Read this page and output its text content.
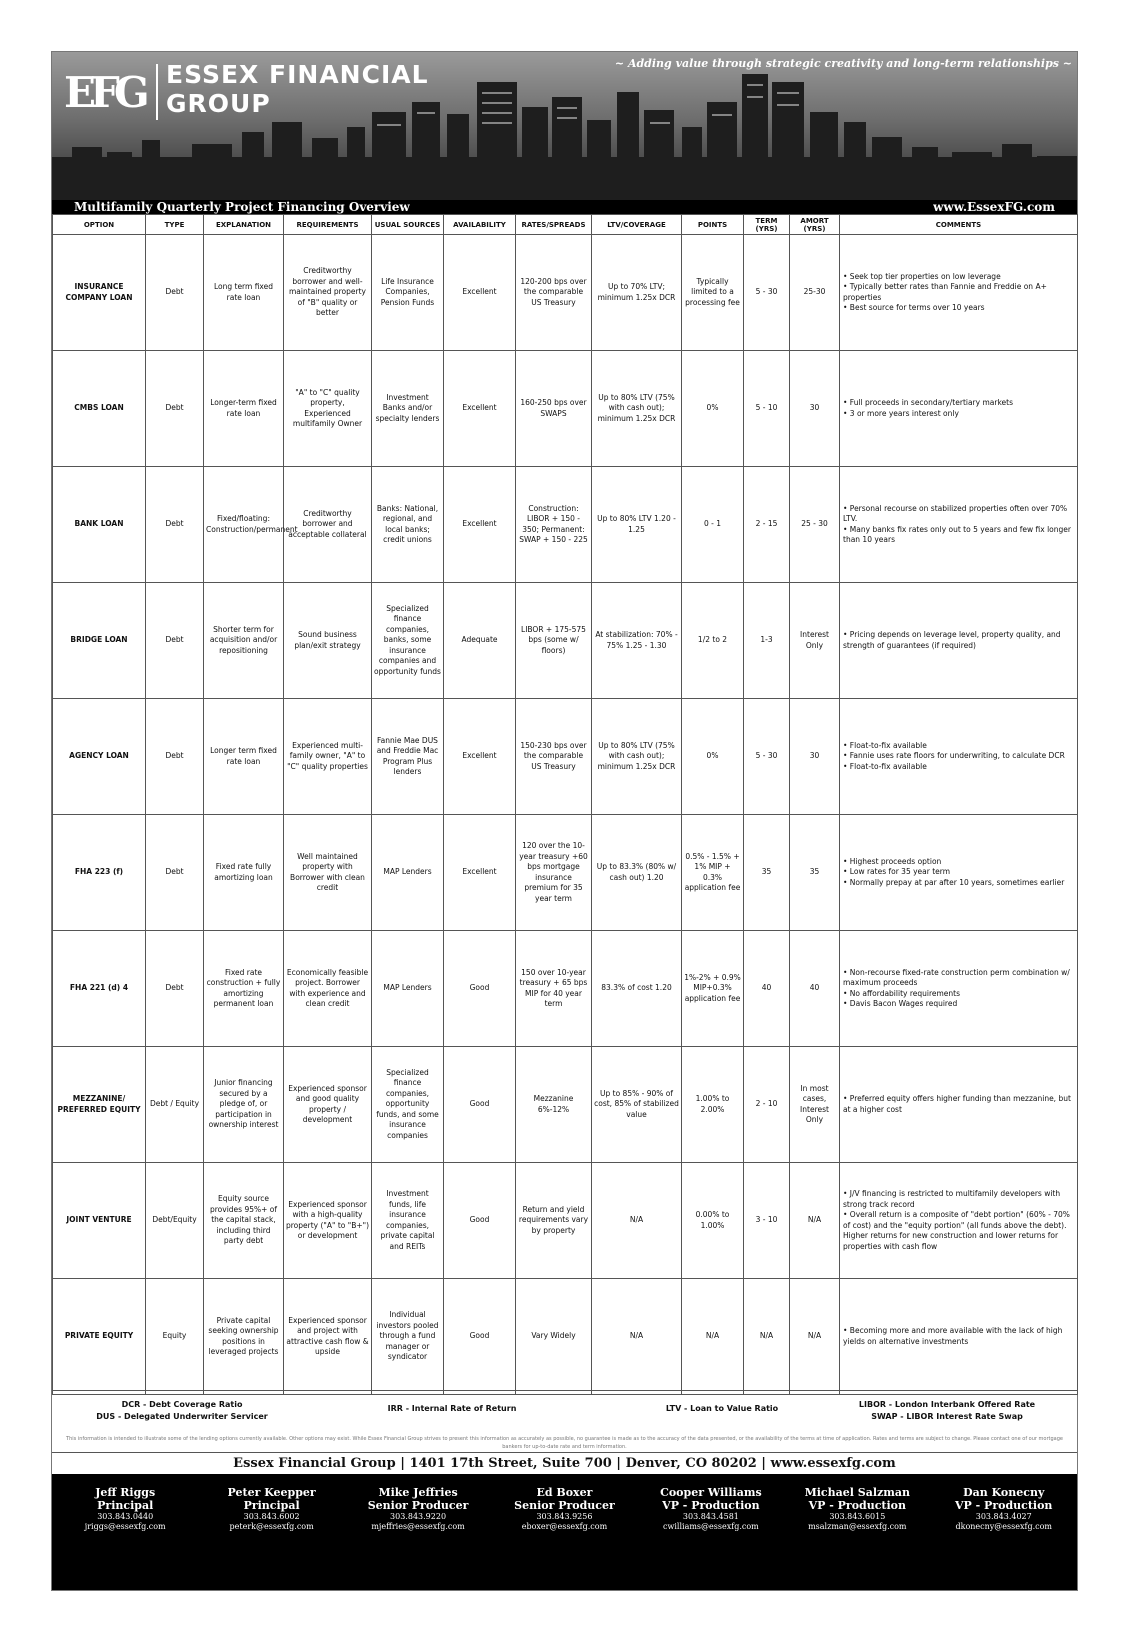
EFG ESSEX FINANCIAL
GROUP
~ Adding value through strategic creativity and long-term relationships ~
Multifamily Quarterly Project Financing Overview	www.EssexFG.com
OPTION	TYPE	EXPLANATION	REQUIREMENTS	USUAL SOURCES	AVAILABILITY	RATES/SPREADS	LTV/COVERAGE	POINTS	TERM (YRS)	AMORT (YRS)	COMMENTS
INSURANCE COMPANY LOAN	Debt	Long term fixed rate loan	Creditworthy borrower and well-maintained property of "B" quality or better	Life Insurance Companies, Pension Funds	Excellent	120-200 bps over the comparable US Treasury	Up to 70% LTV; minimum 1.25x DCR	Typically limited to a processing fee	5 - 30	25-30	• Seek top tier properties on low leverage
• Typically better rates than Fannie and Freddie on A+ properties
• Best source for terms over 10 years

CMBS LOAN	Debt	Longer-term fixed rate loan	"A" to "C" quality property, Experienced multifamily Owner	Investment Banks and/or specialty lenders	Excellent	160-250 bps over SWAPS	Up to 80% LTV (75% with cash out); minimum 1.25x DCR	0%	5 - 10	30	• Full proceeds in secondary/tertiary markets
• 3 or more years interest only

BANK LOAN	Debt	Fixed/floating: Construction/permanent	Creditworthy borrower and acceptable collateral	Banks: National, regional, and local banks; credit unions	Excellent	Construction: LIBOR + 150 - 350; Permanent: SWAP + 150 - 225	Up to 80% LTV 1.20 - 1.25	0 - 1	2 - 15	25 - 30	• Personal recourse on stabilized properties often over 70% LTV.
• Many banks fix rates only out to 5 years and few fix longer than 10 years

BRIDGE LOAN	Debt	Shorter term for acquisition and/or repositioning	Sound business plan/exit strategy	Specialized finance companies, banks, some insurance companies and opportunity funds	Adequate	LIBOR + 175-575 bps (some w/ floors)	At stabilization: 70% - 75% 1.25 - 1.30	1/2 to 2	1-3	Interest Only	• Pricing depends on leverage level, property quality, and strength of guarantees (if required)

AGENCY LOAN	Debt	Longer term fixed rate loan	Experienced multi-family owner, "A" to "C" quality properties	Fannie Mae DUS and Freddie Mac Program Plus lenders	Excellent	150-230 bps over the comparable US Treasury	Up to 80% LTV (75% with cash out); minimum 1.25x DCR	0%	5 - 30	30	• Float-to-fix available
• Fannie uses rate floors for underwriting, to calculate DCR
• Float-to-fix available

FHA 223 (f)	Debt	Fixed rate fully amortizing loan	Well maintained property with Borrower with clean credit	MAP Lenders	Excellent	120 over the 10-year treasury +60 bps mortgage insurance premium for 35 year term	Up to 83.3% (80% w/ cash out) 1.20	0.5% - 1.5% + 1% MIP + 0.3% application fee	35	35	• Highest proceeds option
• Low rates for 35 year term
• Normally prepay at par after 10 years, sometimes earlier

FHA 221 (d) 4	Debt	Fixed rate construction + fully amortizing permanent loan	Economically feasible project. Borrower with experience and clean credit	MAP Lenders	Good	150 over 10-year treasury + 65 bps MIP for 40 year term	83.3% of cost 1.20	1%-2% + 0.9% MIP+0.3% application fee	40	40	• Non-recourse fixed-rate construction perm combination w/ maximum proceeds
• No affordability requirements
• Davis Bacon Wages required

MEZZANINE/ PREFERRED EQUITY	Debt / Equity	Junior financing secured by a pledge of, or participation in ownership interest	Experienced sponsor and good quality property / development	Specialized finance companies, opportunity funds, and some insurance companies	Good	Mezzanine 6%-12%	Up to 85% - 90% of cost, 85% of stabilized value	1.00% to 2.00%	2 - 10	In most cases, Interest Only	• Preferred equity offers higher funding than mezzanine, but at a higher cost

JOINT VENTURE	Debt/Equity	Equity source provides 95%+ of the capital stack, including third party debt	Experienced sponsor with a high-quality property ("A" to "B+") or development	Investment funds, life insurance companies, private capital and REITs	Good	Return and yield requirements vary by property	N/A	0.00% to 1.00%	3 - 10	N/A	• J/V financing is restricted to multifamily developers with strong track record
• Overall return is a composite of "debt portion" (60% - 70% of cost) and the "equity portion" (all funds above the debt). Higher returns for new construction and lower returns for properties with cash flow

PRIVATE EQUITY	Equity	Private capital seeking ownership positions in leveraged projects	Experienced sponsor and project with attractive cash flow & upside	Individual investors pooled through a fund manager or syndicator	Good	Vary Widely	N/A	N/A	N/A	N/A	• Becoming more and more available with the lack of high yields on alternative investments
DCR - Debt Coverage Ratio
DUS - Delegated Underwriter Servicer
IRR - Internal Rate of Return	LTV - Loan to Value Ratio	LIBOR - London Interbank Offered Rate
SWAP - LIBOR Interest Rate Swap
This information is intended to illustrate some of the lending options currently available. Other options may exist. While Essex Financial Group strives to present this information as accurately as possible, no guarantee is made as to the accuracy of the data presented, or the availability of the terms at time of application. Rates and terms are subject to change. Please contact one of our mortgage bankers for up-to-date rate and term information.
Essex Financial Group | 1401 17th Street, Suite 700 | Denver, CO 80202 | www.essexfg.com
Jeff Riggs
Principal
303.843.0440
jriggs@essexfg.com
Peter Keepper
Principal
303.843.6002
peterk@essexfg.com
Mike Jeffries
Senior Producer
303.843.9220
mjeffries@essexfg.com
Ed Boxer
Senior Producer
303.843.9256
eboxer@essexfg.com
Cooper Williams
VP - Production
303.843.4581
cwilliams@essexfg.com
Michael Salzman
VP - Production
303.843.6015
msalzman@essexfg.com
Dan Konecny
VP - Production
303.843.4027
dkonecny@essexfg.com
